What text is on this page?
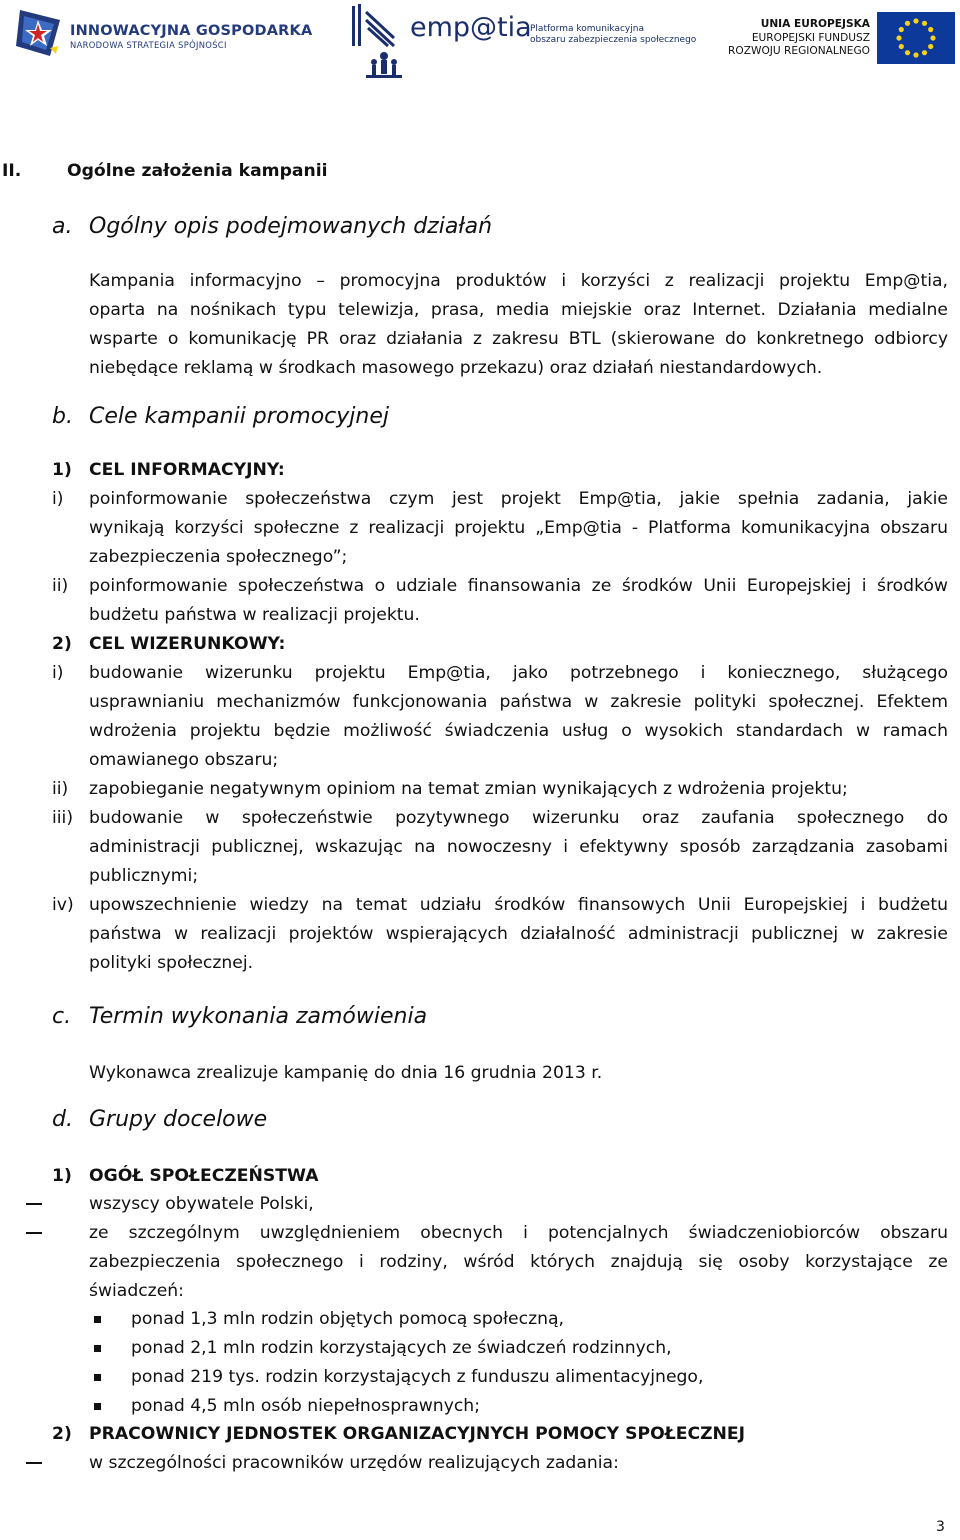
INNOWACYJNA GOSPODARKA
NARODOWA STRATEGIA SPÓJNOŚCI
emp@tia
Platforma komunikacyjna
obszaru zabezpieczenia społecznego
UNIA EUROPEJSKA
EUROPEJSKI FUNDUSZ
ROZWOJU REGIONALNEGO
II.	Ogólne założenia kampanii
a. Ogólny opis podejmowanych działań
Kampania informacyjno – promocyjna produktów i korzyści z realizacji projektu Emp@tia,
oparta na nośnikach typu telewizja, prasa, media miejskie oraz Internet. Działania medialne
wsparte o komunikację PR oraz działania z zakresu BTL (skierowane do konkretnego odbiorcy
niebędące reklamą w środkach masowego przekazu) oraz działań niestandardowych.
b. Cele kampanii promocyjnej
1) CEL INFORMACYJNY:
i) poinformowanie społeczeństwa czym jest projekt Emp@tia, jakie spełnia zadania, jakie
wynikają korzyści społeczne z realizacji projektu „Emp@tia - Platforma komunikacyjna obszaru
zabezpieczenia społecznego”;
ii) poinformowanie społeczeństwa o udziale finansowania ze środków Unii Europejskiej i środków
budżetu państwa w realizacji projektu.
2) CEL WIZERUNKOWY:
i) budowanie wizerunku projektu Emp@tia, jako potrzebnego i koniecznego, służącego
usprawnianiu mechanizmów funkcjonowania państwa w zakresie polityki społecznej. Efektem
wdrożenia projektu będzie możliwość świadczenia usług o wysokich standardach w ramach
omawianego obszaru;
ii) zapobieganie negatywnym opiniom na temat zmian wynikających z wdrożenia projektu;
iii) budowanie w społeczeństwie pozytywnego wizerunku oraz zaufania społecznego do
administracji publicznej, wskazując na nowoczesny i efektywny sposób zarządzania zasobami
publicznymi;
iv) upowszechnienie wiedzy na temat udziału środków finansowych Unii Europejskiej i budżetu
państwa w realizacji projektów wspierających działalność administracji publicznej w zakresie
polityki społecznej.
c. Termin wykonania zamówienia
Wykonawca zrealizuje kampanię do dnia 16 grudnia 2013 r.
d. Grupy docelowe
1) OGÓŁ SPOŁECZEŃSTWA
wszyscy obywatele Polski,
ze szczególnym uwzględnieniem obecnych i potencjalnych świadczeniobiorców obszaru
zabezpieczenia społecznego i rodziny, wśród których znajdują się osoby korzystające ze
świadczeń:
ponad 1,3 mln rodzin objętych pomocą społeczną,
ponad 2,1 mln rodzin korzystających ze świadczeń rodzinnych,
ponad 219 tys. rodzin korzystających z funduszu alimentacyjnego,
ponad 4,5 mln osób niepełnosprawnych;
2) PRACOWNICY JEDNOSTEK ORGANIZACYJNYCH POMOCY SPOŁECZNEJ
w szczególności pracowników urzędów realizujących zadania:
3
